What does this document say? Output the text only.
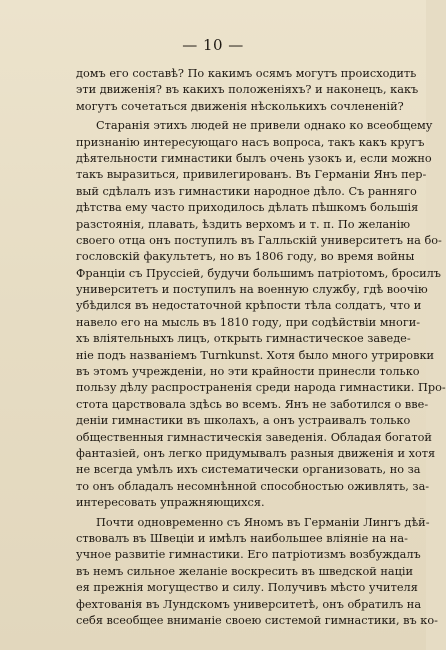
— 10 —
домъ его составѣ? По какимъ осямъ могутъ происходить
эти движенія? въ какихъ положеніяхъ? и наконецъ, какъ
могутъ сочетаться движенія нѣсколькихъ сочлененій?
Старанія этихъ людей не привели однако ко всеобщему
признанію интересующаго насъ вопроса, такъ какъ кругъ
дѣятельности гимнастики былъ очень узокъ и, если можно
такъ выразиться, привилегированъ. Въ Германіи Янъ пер-
вый сдѣлалъ изъ гимнастики народное дѣло. Съ ранняго
дѣтства ему часто приходилось дѣлать пѣшкомъ большія
разстоянія, плавать, ѣздить верхомъ и т. п. По желанію
своего отца онъ поступилъ въ Галльскій университетъ на бо-
гословскій факультетъ, но въ 1806 году, во время войны
Франціи съ Пруссіей, будучи большимъ патріотомъ, бросилъ
университетъ и поступилъ на военную службу, гдѣ воочію
убѣдился въ недостаточной крѣпости тѣла солдатъ, что и
навело его на мысль въ 1810 году, при содѣйствіи многи-
хъ вліятельныхъ лицъ, открыть гимнастическое заведе-
ніе подъ названіемъ Turnkunst. Хотя было много утрировки
въ этомъ учрежденіи, но эти крайности принесли только
пользу дѣлу распространенія среди народа гимнастики. Про-
стота царствовала здѣсь во всемъ. Янъ не заботился о вве-
деніи гимнастики въ школахъ, а онъ устраивалъ только
общественныя гимнастическія заведенія. Обладая богатой
фантазіей, онъ легко придумывалъ разныя движенія и хотя
не всегда умѣлъ ихъ систематически организовать, но за
то онъ обладалъ несомнѣнной способностью оживлять, за-
интересовать упражняющихся.
Почти одновременно съ Яномъ въ Германіи Лингъ дѣй-
ствовалъ въ Швеціи и имѣлъ наибольшее вліяніе на на-
учное развитіе гимнастики. Его патріотизмъ возбуждалъ
въ немъ сильное желаніе воскресить въ шведской націи
ея прежнія могущество и силу. Получивъ мѣсто учителя
фехтованія въ Лундскомъ университетѣ, онъ обратилъ на
себя всеобщее вниманіе своею системой гимнастики, въ ко-
